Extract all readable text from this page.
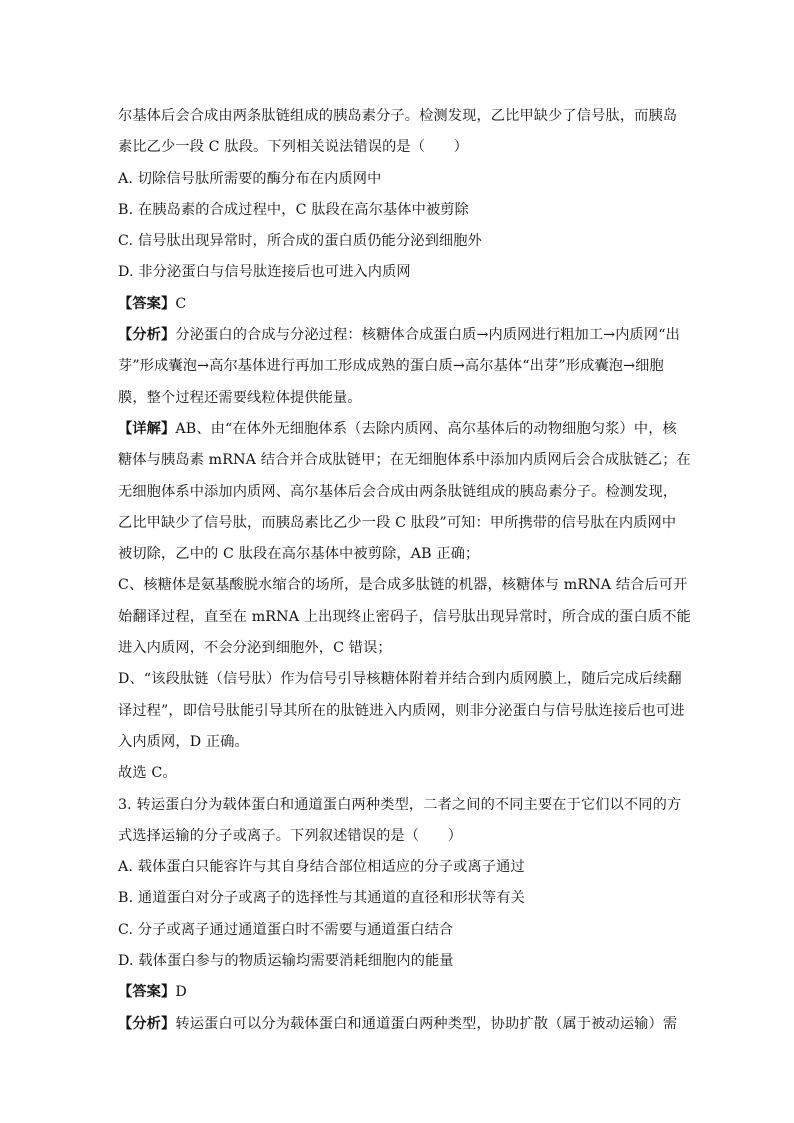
尔基体后会合成由两条肽链组成的胰岛素分子。检测发现，乙比甲缺少了信号肽，而胰岛
素比乙少一段 C 肽段。下列相关说法错误的是（　　）
A. 切除信号肽所需要的酶分布在内质网中
B. 在胰岛素的合成过程中，C 肽段在高尔基体中被剪除
C. 信号肽出现异常时，所合成的蛋白质仍能分泌到细胞外
D. 非分泌蛋白与信号肽连接后也可进入内质网
【答案】C
【分析】分泌蛋白的合成与分泌过程：核糖体合成蛋白质→内质网进行粗加工→内质网“出
芽”形成囊泡→高尔基体进行再加工形成成熟的蛋白质→高尔基体“出芽”形成囊泡→细胞
膜，整个过程还需要线粒体提供能量。
【详解】AB、由“在体外无细胞体系（去除内质网、高尔基体后的动物细胞匀浆）中，核
糖体与胰岛素 mRNA 结合并合成肽链甲；在无细胞体系中添加内质网后会合成肽链乙；在
无细胞体系中添加内质网、高尔基体后会合成由两条肽链组成的胰岛素分子。检测发现，
乙比甲缺少了信号肽，而胰岛素比乙少一段 C 肽段”可知：甲所携带的信号肽在内质网中
被切除，乙中的 C 肽段在高尔基体中被剪除，AB 正确；
C、核糖体是氨基酸脱水缩合的场所，是合成多肽链的机器，核糖体与 mRNA 结合后可开
始翻译过程，直至在 mRNA 上出现终止密码子，信号肽出现异常时，所合成的蛋白质不能
进入内质网，不会分泌到细胞外，C 错误；
D、“该段肽链（信号肽）作为信号引导核糖体附着并结合到内质网膜上，随后完成后续翻
译过程”，即信号肽能引导其所在的肽链进入内质网，则非分泌蛋白与信号肽连接后也可进
入内质网，D 正确。
故选 C。
3. 转运蛋白分为载体蛋白和通道蛋白两种类型，二者之间的不同主要在于它们以不同的方
式选择运输的分子或离子。下列叙述错误的是（　　）
A. 载体蛋白只能容许与其自身结合部位相适应的分子或离子通过
B. 通道蛋白对分子或离子的选择性与其通道的直径和形状等有关
C. 分子或离子通过通道蛋白时不需要与通道蛋白结合
D. 载体蛋白参与的物质运输均需要消耗细胞内的能量
【答案】D
【分析】转运蛋白可以分为载体蛋白和通道蛋白两种类型，协助扩散（属于被动运输）需
